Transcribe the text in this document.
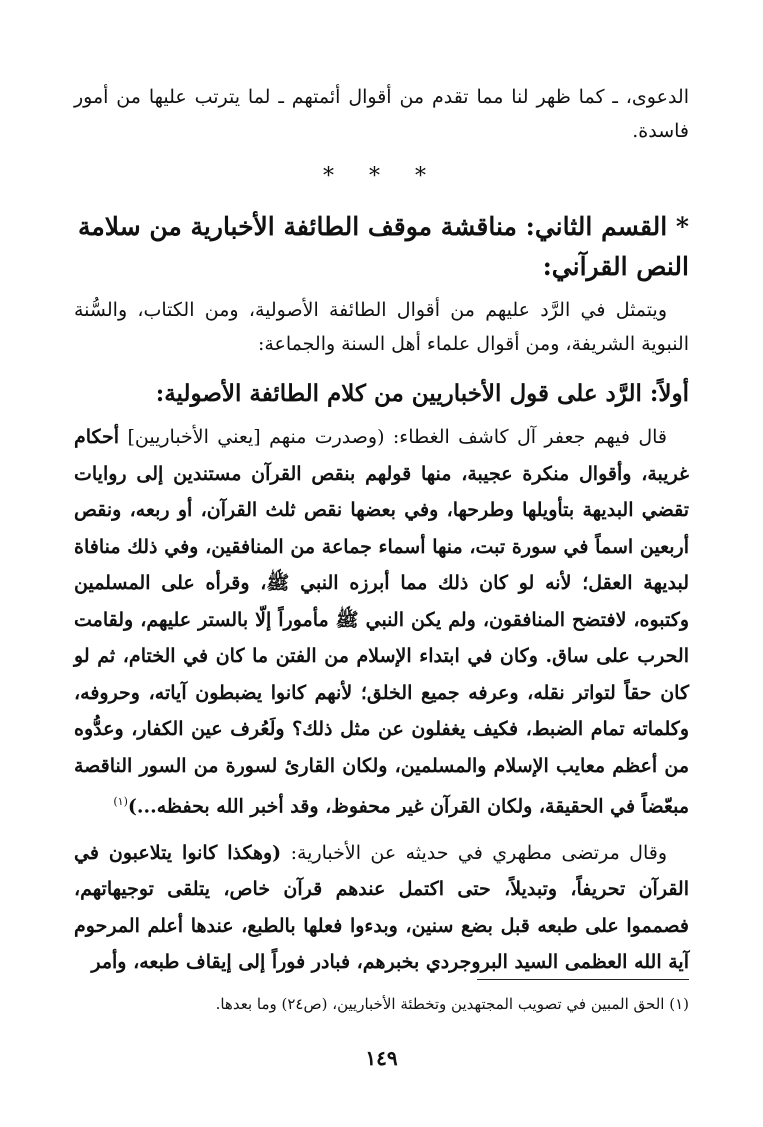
الدعوى، ـ كما ظهر لنا مما تقدم من أقوال أئمتهم ـ لما يترتب عليها من أمور فاسدة.

* * *
* القسم الثاني: مناقشة موقف الطائفة الأخبارية من سلامة النص القرآني:

ويتمثل في الرَّد عليهم من أقوال الطائفة الأصولية، ومن الكتاب، والسُّنة النبوية الشريفة، ومن أقوال علماء أهل السنة والجماعة:

أولاً: الرَّد على قول الأخباريين من كلام الطائفة الأصولية:

قال فيهم جعفر آل كاشف الغطاء: (وصدرت منهم [يعني الأخباريين] أحكام غريبة، وأقوال منكرة عجيبة، منها قولهم بنقص القرآن مستندين إلى روايات تقضي البديهة بتأويلها وطرحها، وفي بعضها نقص ثلث القرآن، أو ربعه، ونقص أربعين اسماً في سورة تبت، منها أسماء جماعة من المنافقين، وفي ذلك منافاة لبديهة العقل؛ لأنه لو كان ذلك مما أبرزه النبي ﷺ، وقرأه على المسلمين وكتبوه، لافتضح المنافقون، ولم يكن النبي ﷺ مأموراً إلّا بالستر عليهم، ولقامت الحرب على ساق. وكان في ابتداء الإسلام من الفتن ما كان في الختام، ثم لو كان حقاً لتواتر نقله، وعرفه جميع الخلق؛ لأنهم كانوا يضبطون آياته، وحروفه، وكلماته تمام الضبط، فكيف يغفلون عن مثل ذلك؟ ولَعُرف عين الكفار، وعدُّوه من أعظم معايب الإسلام والمسلمين، ولكان القارئ لسورة من السور الناقصة مبعّضاً في الحقيقة، ولكان القرآن غير محفوظ، وقد أخبر الله بحفظه...)$^{(١)}$

وقال مرتضى مطهري في حديثه عن الأخبارية: (وهكذا كانوا يتلاعبون في القرآن تحريفاً، وتبديلاً، حتى اكتمل عندهم قرآن خاص، يتلقى توجيهاتهم، فصمموا على طبعه قبل بضع سنين، وبدءوا فعلها بالطبع، عندها أعلم المرحوم آية الله العظمى السيد البروجردي بخبرهم، فبادر فوراً إلى إيقاف طبعه، وأمر

(١) الحق المبين في تصويب المجتهدين وتخطئة الأخباريين، (ص٢٤) وما بعدها.
١٤٩
